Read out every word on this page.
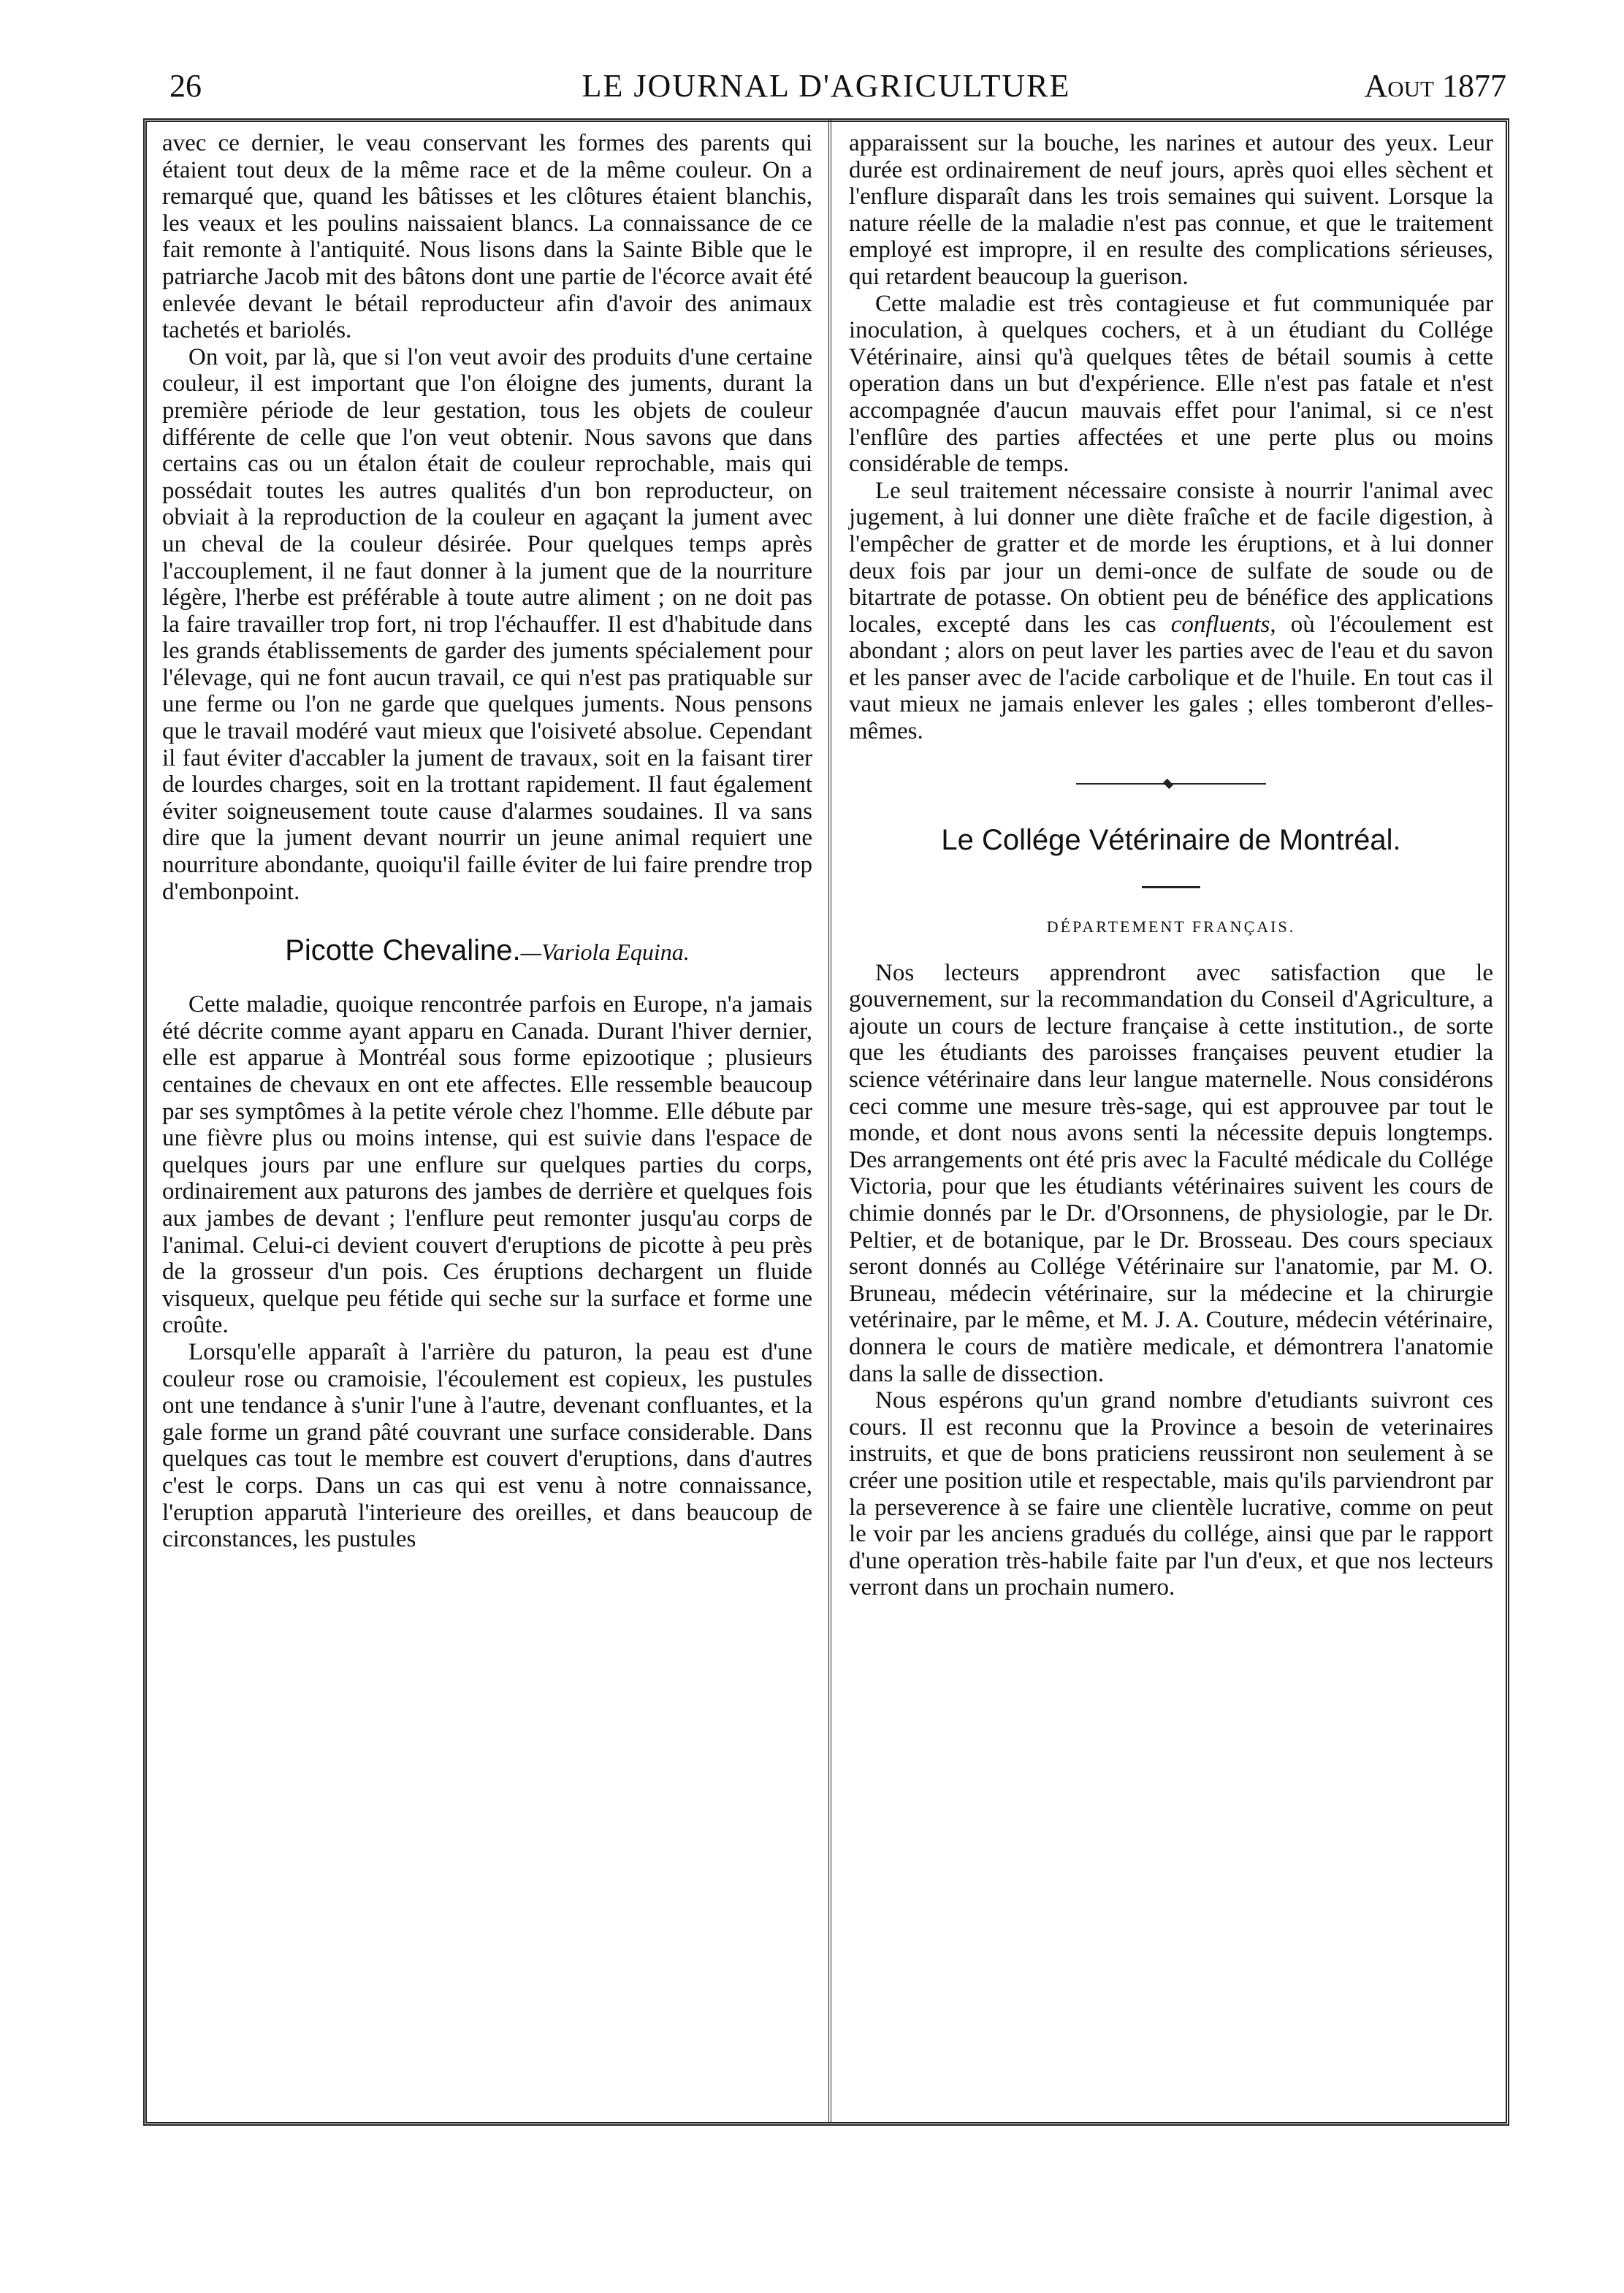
26	LE JOURNAL D'AGRICULTURE	Aout 1877

avec ce dernier, le veau conservant les formes des parents qui étaient tout deux de la même race et de la même couleur. On a remarqué que, quand les bâtisses et les clôtures étaient blanchis, les veaux et les poulins naissaient blancs. La connaissance de ce fait remonte à l'antiquité. Nous lisons dans la Sainte Bible que le patriarche Jacob mit des bâtons dont une partie de l'écorce avait été enlevée devant le bétail reproducteur afin d'avoir des animaux tachetés et bariolés.

On voit, par là, que si l'on veut avoir des produits d'une certaine couleur, il est important que l'on éloigne des juments, durant la première période de leur gestation, tous les objets de couleur différente de celle que l'on veut obtenir. Nous savons que dans certains cas ou un étalon était de couleur reprochable, mais qui possédait toutes les autres qualités d'un bon reproducteur, on obviait à la reproduction de la couleur en agaçant la jument avec un cheval de la couleur désirée. Pour quelques temps après l'accouplement, il ne faut donner à la jument que de la nourriture légère, l'herbe est préférable à toute autre aliment ; on ne doit pas la faire travailler trop fort, ni trop l'échauffer. Il est d'habitude dans les grands établissements de garder des juments spécialement pour l'élevage, qui ne font aucun travail, ce qui n'est pas pratiquable sur une ferme ou l'on ne garde que quelques juments. Nous pensons que le travail modéré vaut mieux que l'oisiveté absolue. Cependant il faut éviter d'accabler la jument de travaux, soit en la faisant tirer de lourdes charges, soit en la trottant rapidement. Il faut également éviter soigneusement toute cause d'alarmes soudaines. Il va sans dire que la jument devant nourrir un jeune animal requiert une nourriture abondante, quoiqu'il faille éviter de lui faire prendre trop d'embonpoint.

Picotte Chevaline.—Variola Equina.

Cette maladie, quoique rencontrée parfois en Europe, n'a jamais été décrite comme ayant apparu en Canada. Durant l'hiver dernier, elle est apparue à Montréal sous forme epizootique ; plusieurs centaines de chevaux en ont ete affectes. Elle ressemble beaucoup par ses symptômes à la petite vérole chez l'homme. Elle débute par une fièvre plus ou moins intense, qui est suivie dans l'espace de quelques jours par une enflure sur quelques parties du corps, ordinairement aux paturons des jambes de derrière et quelques fois aux jambes de devant ; l'enflure peut remonter jusqu'au corps de l'animal. Celui-ci devient couvert d'eruptions de picotte à peu près de la grosseur d'un pois. Ces éruptions dechargent un fluide visqueux, quelque peu fétide qui seche sur la surface et forme une croûte.

Lorsqu'elle apparaît à l'arrière du paturon, la peau est d'une couleur rose ou cramoisie, l'écoulement est copieux, les pustules ont une tendance à s'unir l'une à l'autre, devenant confluantes, et la gale forme un grand pâté couvrant une surface considerable. Dans quelques cas tout le membre est couvert d'eruptions, dans d'autres c'est le corps. Dans un cas qui est venu à notre connaissance, l'eruption apparutà l'interieure des oreilles, et dans beaucoup de circonstances, les pustules

apparaissent sur la bouche, les narines et autour des yeux. Leur durée est ordinairement de neuf jours, après quoi elles sèchent et l'enflure disparaît dans les trois semaines qui suivent. Lorsque la nature réelle de la maladie n'est pas connue, et que le traitement employé est impropre, il en resulte des complications sérieuses, qui retardent beaucoup la guerison.

Cette maladie est très contagieuse et fut communiquée par inoculation, à quelques cochers, et à un étudiant du Collége Vétérinaire, ainsi qu'à quelques têtes de bétail soumis à cette operation dans un but d'expérience. Elle n'est pas fatale et n'est accompagnée d'aucun mauvais effet pour l'animal, si ce n'est l'enflûre des parties affectées et une perte plus ou moins considérable de temps.

Le seul traitement nécessaire consiste à nourrir l'animal avec jugement, à lui donner une diète fraîche et de facile digestion, à l'empêcher de gratter et de morde les éruptions, et à lui donner deux fois par jour un demi-once de sulfate de soude ou de bitartrate de potasse. On obtient peu de bénéfice des applications locales, excepté dans les cas confluents, où l'écoulement est abondant ; alors on peut laver les parties avec de l'eau et du savon et les panser avec de l'acide carbolique et de l'huile. En tout cas il vaut mieux ne jamais enlever les gales ; elles tomberont d'elles-mêmes.

Le Collége Vétérinaire de Montréal.
DÉPARTEMENT FRANÇAIS.

Nos lecteurs apprendront avec satisfaction que le gouvernement, sur la recommandation du Conseil d'Agriculture, a ajoute un cours de lecture française à cette institution., de sorte que les étudiants des paroisses françaises peuvent etudier la science vétérinaire dans leur langue maternelle. Nous considérons ceci comme une mesure très-sage, qui est approuvee par tout le monde, et dont nous avons senti la nécessite depuis longtemps. Des arrangements ont été pris avec la Faculté médicale du Collége Victoria, pour que les étudiants vétérinaires suivent les cours de chimie donnés par le Dr. d'Orsonnens, de physiologie, par le Dr. Peltier, et de botanique, par le Dr. Brosseau. Des cours speciaux seront donnés au Collége Vétérinaire sur l'anatomie, par M. O. Bruneau, médecin vétérinaire, sur la médecine et la chirurgie vetérinaire, par le même, et M. J. A. Couture, médecin vétérinaire, donnera le cours de matière medicale, et démontrera l'anatomie dans la salle de dissection.

Nous espérons qu'un grand nombre d'etudiants suivront ces cours. Il est reconnu que la Province a besoin de veterinaires instruits, et que de bons praticiens reussiront non seulement à se créer une position utile et respectable, mais qu'ils parviendront par la perseverence à se faire une clientèle lucrative, comme on peut le voir par les anciens gradués du collége, ainsi que par le rapport d'une operation très-habile faite par l'un d'eux, et que nos lecteurs verront dans un prochain numero.
